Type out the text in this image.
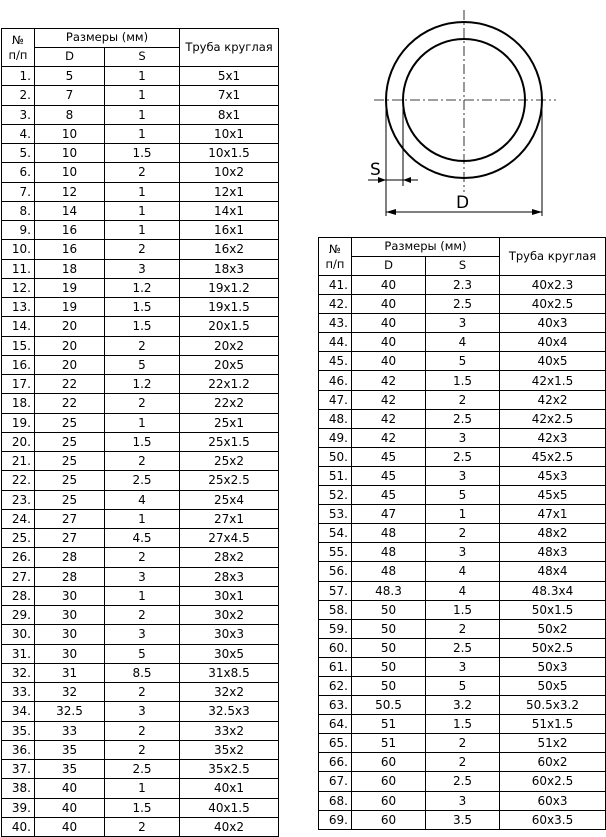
№
п/п	Размеры (мм)		Труба круглая
	D	S	
1.	5	1	5x1
2.	7	1	7x1
3.	8	1	8x1
4.	10	1	10x1
5.	10	1.5	10x1.5
6.	10	2	10x2
7.	12	1	12x1
8.	14	1	14x1
9.	16	1	16x1
10.	16	2	16x2
11.	18	3	18x3
12.	19	1.2	19x1.2
13.	19	1.5	19x1.5
14.	20	1.5	20x1.5
15.	20	2	20x2
16.	20	5	20x5
17.	22	1.2	22x1.2
18.	22	2	22x2
19.	25	1	25x1
20.	25	1.5	25x1.5
21.	25	2	25x2
22.	25	2.5	25x2.5
23.	25	4	25x4
24.	27	1	27x1
25.	27	4.5	27x4.5
26.	28	2	28x2
27.	28	3	28x3
28.	30	1	30x1
29.	30	2	30x2
30.	30	3	30x3
31.	30	5	30x5
32.	31	8.5	31x8.5
33.	32	2	32x2
34.	32.5	3	32.5x3
35.	33	2	33x2
36.	35	2	35x2
37.	35	2.5	35x2.5
38.	40	1	40x1
39.	40	1.5	40x1.5
40.	40	2	40x2
S
D
№
п/п	Размеры (мм)		Труба круглая
	D	S	
41.	40	2.3	40x2.3
42.	40	2.5	40x2.5
43.	40	3	40x3
44.	40	4	40x4
45.	40	5	40x5
46.	42	1.5	42x1.5
47.	42	2	42x2
48.	42	2.5	42x2.5
49.	42	3	42x3
50.	45	2.5	45x2.5
51.	45	3	45x3
52.	45	5	45x5
53.	47	1	47x1
54.	48	2	48x2
55.	48	3	48x3
56.	48	4	48x4
57.	48.3	4	48.3x4
58.	50	1.5	50x1.5
59.	50	2	50x2
60.	50	2.5	50x2.5
61.	50	3	50x3
62.	50	5	50x5
63.	50.5	3.2	50.5x3.2
64.	51	1.5	51x1.5
65.	51	2	51x2
66.	60	2	60x2
67.	60	2.5	60x2.5
68.	60	3	60x3
69.	60	3.5	60x3.5
